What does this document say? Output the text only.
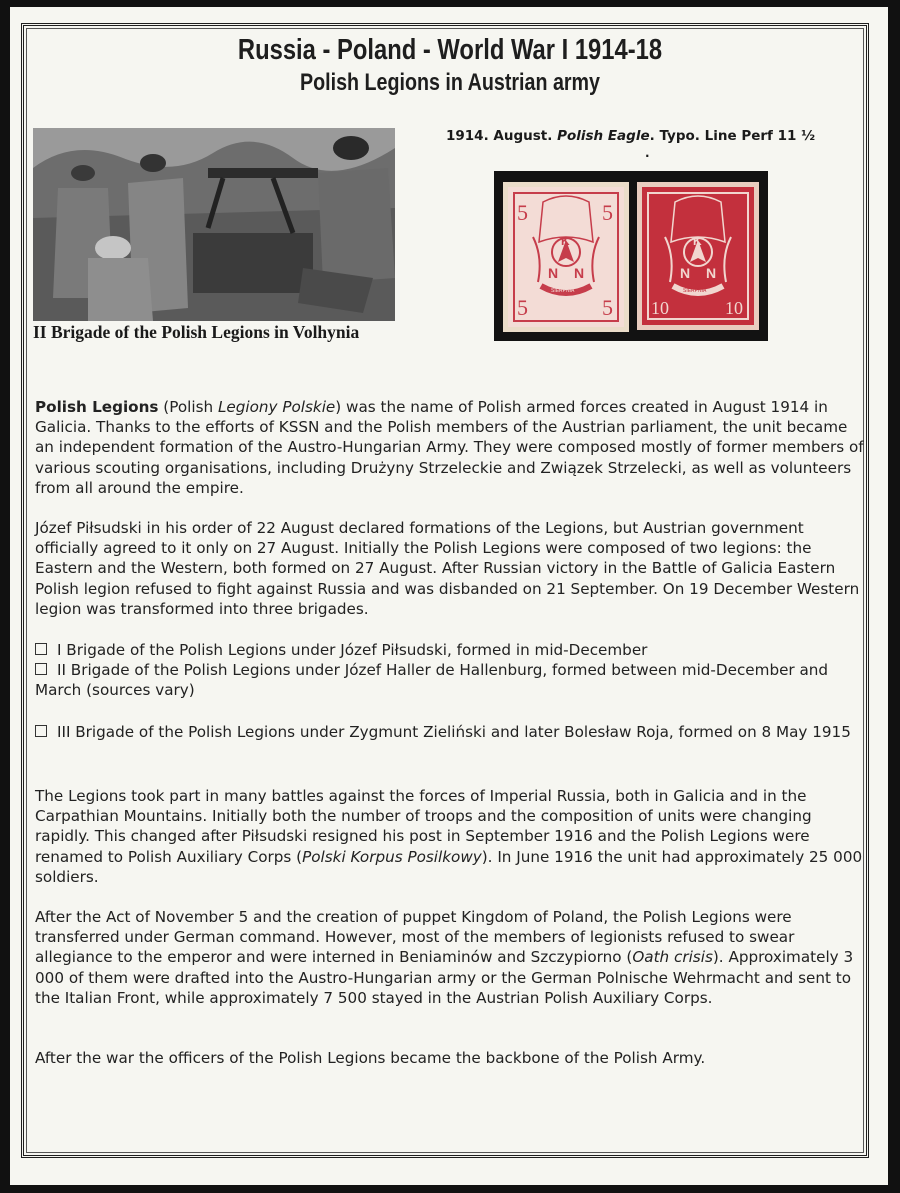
Russia - Poland - World War I 1914-18
Polish Legions in Austrian army
II Brigade of the Polish Legions in Volhynia
1914. August. Polish Eagle. Typo. Line Perf 11 ½
.
5	5
5	5
N N
K
SIERPNIA
N N
K
SIERPNIA
10	10
Polish Legions (Polish Legiony Polskie) was the name of Polish armed forces created in August 1914 in Galicia. Thanks to the efforts of KSSN and the Polish members of the Austrian parliament, the unit became an independent formation of the Austro-Hungarian Army. They were composed mostly of former members of various scouting organisations, including Drużyny Strzeleckie and Związek Strzelecki, as well as volunteers from all around the empire.
Józef Piłsudski in his order of 22 August declared formations of the Legions, but Austrian government officially agreed to it only on 27 August. Initially the Polish Legions were composed of two legions: the Eastern and the Western, both formed on 27 August. After Russian victory in the Battle of Galicia Eastern Polish legion refused to fight against Russia and was disbanded on 21 September. On 19 December Western legion was transformed into three brigades.
I Brigade of the Polish Legions under Józef Piłsudski, formed in mid-December
II Brigade of the Polish Legions under Józef Haller de Hallenburg, formed between mid-December and March (sources vary)
III Brigade of the Polish Legions under Zygmunt Zieliński and later Bolesław Roja, formed on 8 May 1915
The Legions took part in many battles against the forces of Imperial Russia, both in Galicia and in the Carpathian Mountains. Initially both the number of troops and the composition of units were changing rapidly. This changed after Piłsudski resigned his post in September 1916 and the Polish Legions were renamed to Polish Auxiliary Corps (Polski Korpus Posilkowy). In June 1916 the unit had approximately 25 000 soldiers.
After the Act of November 5 and the creation of puppet Kingdom of Poland, the Polish Legions were transferred under German command. However, most of the members of legionists refused to swear allegiance to the emperor and were interned in Beniaminów and Szczypiorno (Oath crisis). Approximately 3 000 of them were drafted into the Austro-Hungarian army or the German Polnische Wehrmacht and sent to the Italian Front, while approximately 7 500 stayed in the Austrian Polish Auxiliary Corps.
After the war the officers of the Polish Legions became the backbone of the Polish Army.
